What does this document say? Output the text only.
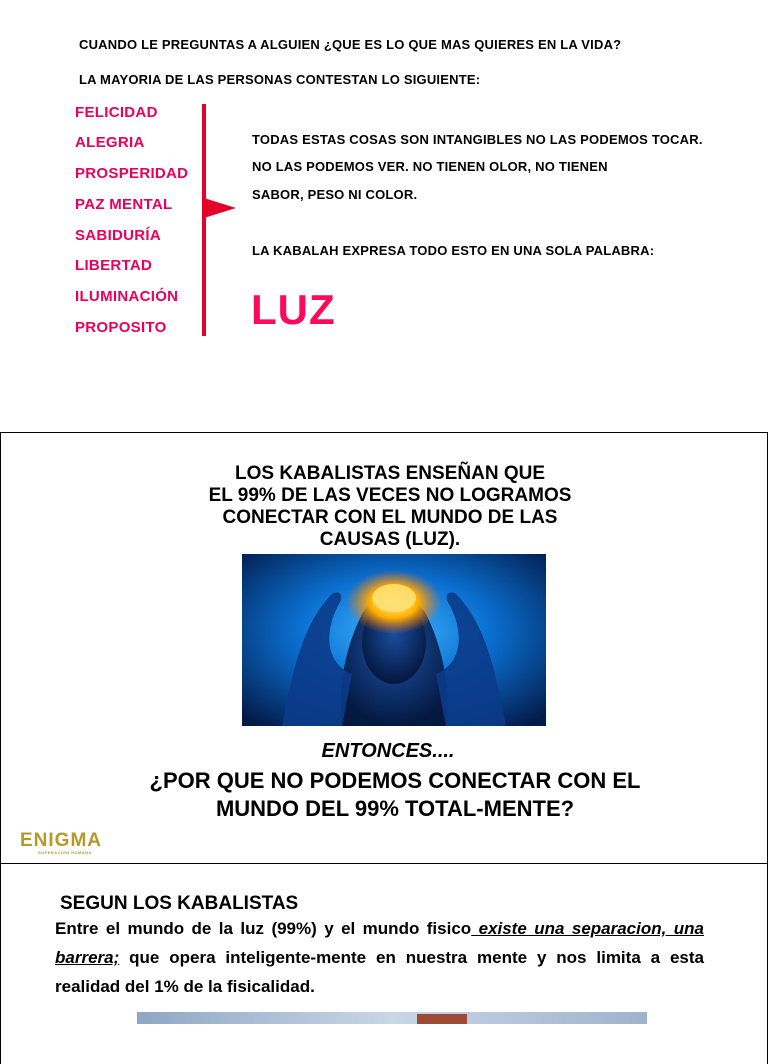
CUANDO LE PREGUNTAS A ALGUIEN ¿QUE ES LO QUE MAS QUIERES EN LA VIDA?
LA MAYORIA DE LAS PERSONAS CONTESTAN LO SIGUIENTE:
FELICIDAD
ALEGRIA
PROSPERIDAD
PAZ MENTAL
SABIDURÍA
LIBERTAD
ILUMINACIÓN
PROPOSITO
TODAS ESTAS COSAS SON INTANGIBLES NO LAS PODEMOS TOCAR.
NO LAS PODEMOS VER. NO TIENEN OLOR, NO TIENEN
SABOR, PESO NI COLOR.
LA KABALAH EXPRESA TODO ESTO EN UNA SOLA PALABRA:
LUZ
LOS KABALISTAS ENSEÑAN QUE
EL 99% DE LAS VECES NO LOGRAMOS
CONECTAR CON EL MUNDO DE LAS
CAUSAS (LUZ).
ENTONCES....
¿POR QUE NO PODEMOS CONECTAR CON EL
MUNDO DEL 99% TOTAL-MENTE?
ENIGMA
SUPERACION HUMANA
SEGUN LOS KABALISTAS
Entre el mundo de la luz (99%) y el mundo fisico existe una separacion, una barrera; que opera inteligente-mente en nuestra mente y nos limita a esta realidad del 1% de la fisicalidad.
